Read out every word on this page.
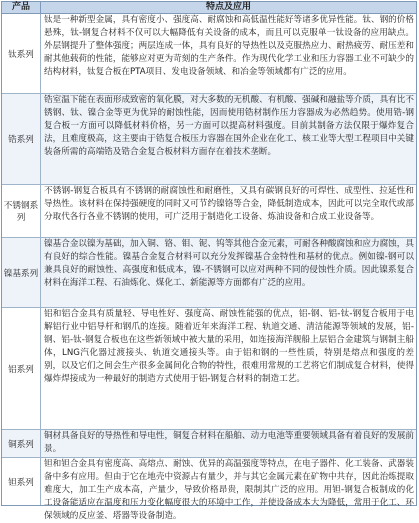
产品	特点及应用
钛系列
钛是一种新型金属，具有密度小、强度高、耐腐蚀和高低温性能好等诸多优异性能。钛、钢的价格悬殊，钛-钢复合材料不仅可以大幅降低有关设备的成本，而且可以克服单一钛设备的应用缺点。外层钢提升了整体强度；两层连成一体，具有良好的导热性以及克服热应力、耐热疲劳、耐压差和耐其他载荷的性能，能够应对更为苛刻的生产条件。作为现代化学工业和压力容器工业不可缺少的结构材料，钛复合板在PTA项目、发电设备领域、和冶金等领域都有广泛的应用。
锆系列
锆室温下能在表面形成致密的氧化膜，对大多数的无机酸、有机酸、强碱和融盐等介质，具有比不锈钢、钛、镍合金等更为优异的耐蚀性能，因而使用锆材制作压力容器成为必然趋势。使用锆-钢复合板一方面可以降低材料价格，另一方面可以提高材料强度。目前其制备方法仅限于爆炸复合法，且难度极高，这主要由于锆复合板压力容器在国外企业在化工、核工业等大型工程项目中关键装备所需的高端锆及锆合金复合板材料方面存在着技术垄断。
不锈钢系列
不锈钢-钢复合板具有不锈钢的耐腐蚀性和耐磨性，又具有碳钢良好的可焊性、成型性、拉延性和导热性。该材料在保持强硬度的同时又可节约镍铬等合金，降低制造成本，因此可以完全取代或部分取代各行各业不锈钢的使用，可广泛用于制造化工设备、炼油设备和合成工业设备等。
镍基系列
镍基合金以镍为基础，加入铜、铬、钼、铌、钨等其他合金元素，可耐各种酸腐蚀和应力腐蚀，具有良好的综合性能。镍基合金复合材料可以充分发挥镍基合金特性和基材的优点。例如镍-钢可以兼具良好的耐蚀性、高强度和低成本，镍-不锈钢可以应对两种不同的侵蚀性介质。因此镍系复合材料在海洋工程、石油炼化、煤化工、新能源等方面都有广泛的应用。
铝系列
铝和铝合金具有质量轻、导电性好、强度高、耐蚀性能强的优点，铝-钢、铝-钛-钢复合板用于电解铝行业中铝导杆和钢爪的连接。随着近年来海洋工程、轨道交通、清洁能源等领域的发展，铝-钢、铝-钛-钢复合板也在这些新领域中被大量的采用，如连接海洋舰船上层铝合金建筑与钢制主船体，LNG汽化器过渡接头、轨道交通接头等。由于铝和钢的一些性质，特别是熔点和强度的差别，以及它们之间会生产很多金属间化合物的特性，很难用常规的工艺将它们制成复合材料，使得爆炸焊接成为一种最好的制造方式使用于铝-钢复合材料的制造工艺。
铜系列
铜材具备良好的导热性和导电性，铜复合材料在船舶、动力电池等重要领域具备有着良好的发展前景。
钽系列
钽和钽合金具有密度高、高熔点、耐蚀、优异的高温强度等特点，在电子器件、化工装备、武器装备中多有应用。但由于它在地壳中资源占有量少，并与其它金属元素在矿物中共存，因此治炼提取难度大，加工生产成本高，产量少，导致价格昂贵，限制其广泛的应用。用钽-钢复合板制成的化工设备能适应在温度和压力变化幅度很大的环境中工作，并使设备成本大为降低，常用于化工、环保领域的反应釜、塔器等设备制造。
